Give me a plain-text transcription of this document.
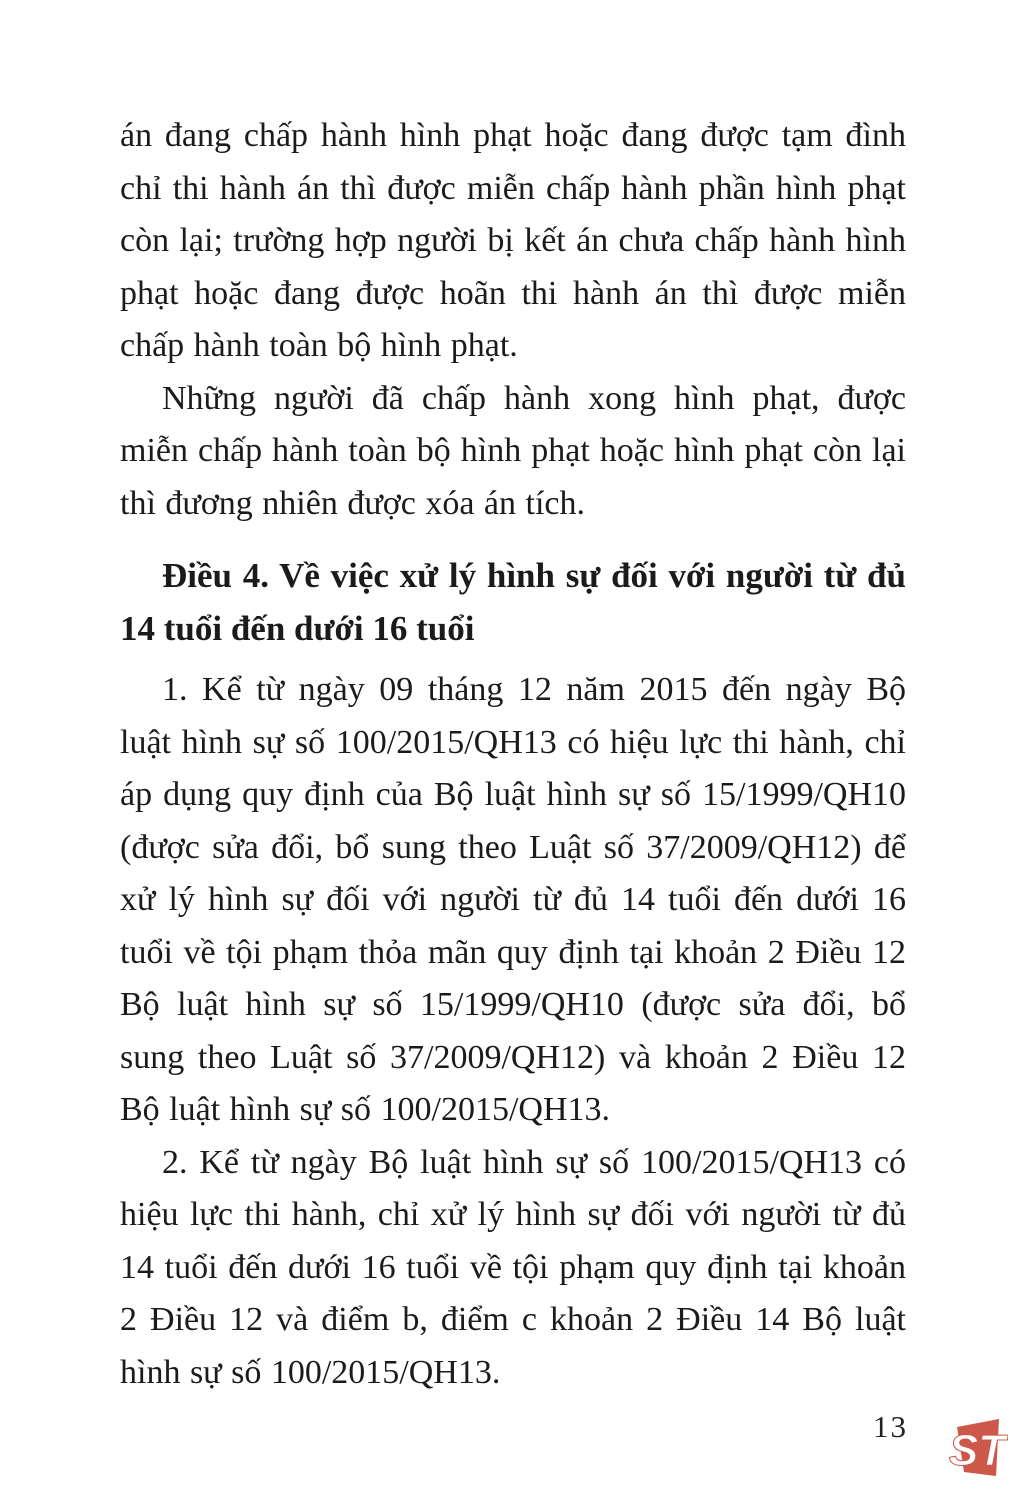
án đang chấp hành hình phạt hoặc đang được tạm đình chỉ thi hành án thì được miễn chấp hành phần hình phạt còn lại; trường hợp người bị kết án chưa chấp hành hình phạt hoặc đang được hoãn thi hành án thì được miễn chấp hành toàn bộ hình phạt.

Những người đã chấp hành xong hình phạt, được miễn chấp hành toàn bộ hình phạt hoặc hình phạt còn lại thì đương nhiên được xóa án tích.

Điều 4. Về việc xử lý hình sự đối với người từ đủ 14 tuổi đến dưới 16 tuổi

1. Kể từ ngày 09 tháng 12 năm 2015 đến ngày Bộ luật hình sự số 100/2015/QH13 có hiệu lực thi hành, chỉ áp dụng quy định của Bộ luật hình sự số 15/1999/QH10 (được sửa đổi, bổ sung theo Luật số 37/2009/QH12) để xử lý hình sự đối với người từ đủ 14 tuổi đến dưới 16 tuổi về tội phạm thỏa mãn quy định tại khoản 2 Điều 12 Bộ luật hình sự số 15/1999/QH10 (được sửa đổi, bổ sung theo Luật số 37/2009/QH12) và khoản 2 Điều 12 Bộ luật hình sự số 100/2015/QH13.

2. Kể từ ngày Bộ luật hình sự số 100/2015/QH13 có hiệu lực thi hành, chỉ xử lý hình sự đối với người từ đủ 14 tuổi đến dưới 16 tuổi về tội phạm quy định tại khoản 2 Điều 12 và điểm b, điểm c khoản 2 Điều 14 Bộ luật hình sự số 100/2015/QH13.

13 ST
